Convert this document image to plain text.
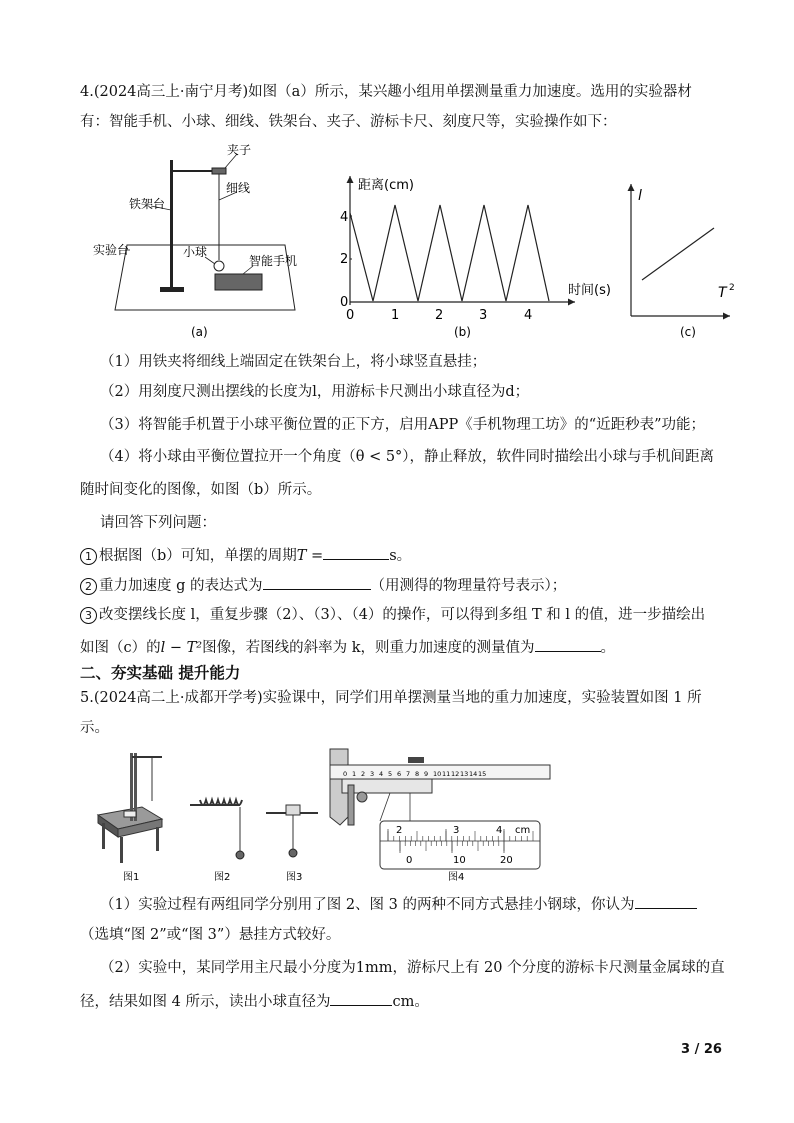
4.(2024高三上·南宁月考)如图（a）所示，某兴趣小组用单摆测量重力加速度。选用的实验器材
有：智能手机、小球、细线、铁架台、夹子、游标卡尺、刻度尺等，实验操作如下：
夹子
细线
铁架台
实验台	小球
智能手机
(a)
距离(cm)
时间(s)
4
2
0
0	1	2	3	4
(b)
l
T 2
(c)
（1）用铁夹将细线上端固定在铁架台上，将小球竖直悬挂；
（2）用刻度尺测出摆线的长度为l，用游标卡尺测出小球直径为d；
（3）将智能手机置于小球平衡位置的正下方，启用APP《手机物理工坊》的“近距秒表”功能；
（4）将小球由平衡位置拉开一个角度（θ < 5°），静止释放，软件同时描绘出小球与手机间距离
随时间变化的图像，如图（b）所示。
请回答下列问题：
1 根据图（b）可知，单摆的周期T =	s。
2 重力加速度 g 的表达式为	（用测得的物理量符号表示）；
3 改变摆线长度 l，重复步骤（2）、（3）、（4）的操作，可以得到多组 T 和 l 的值，进一步描绘出
如图（c）的l − T²图像，若图线的斜率为 k，则重力加速度的测量值为	。
二、夯实基础 提升能力
5.(2024高二上·成都开学考)实验课中，同学们用单摆测量当地的重力加速度，实验装置如图 1 所
示。
图1	图2	图3
0 1 2 3 4 5 6 7 8 9 10 11 12 13 14 15
2	3	4 cm
0	10	20
图4
（1）实验过程有两组同学分别用了图 2、图 3 的两种不同方式悬挂小钢球，你认为
（选填“图 2”或“图 3”）悬挂方式较好。
（2）实验中，某同学用主尺最小分度为1mm，游标尺上有 20 个分度的游标卡尺测量金属球的直
径，结果如图 4 所示，读出小球直径为	cm。
3 / 26
